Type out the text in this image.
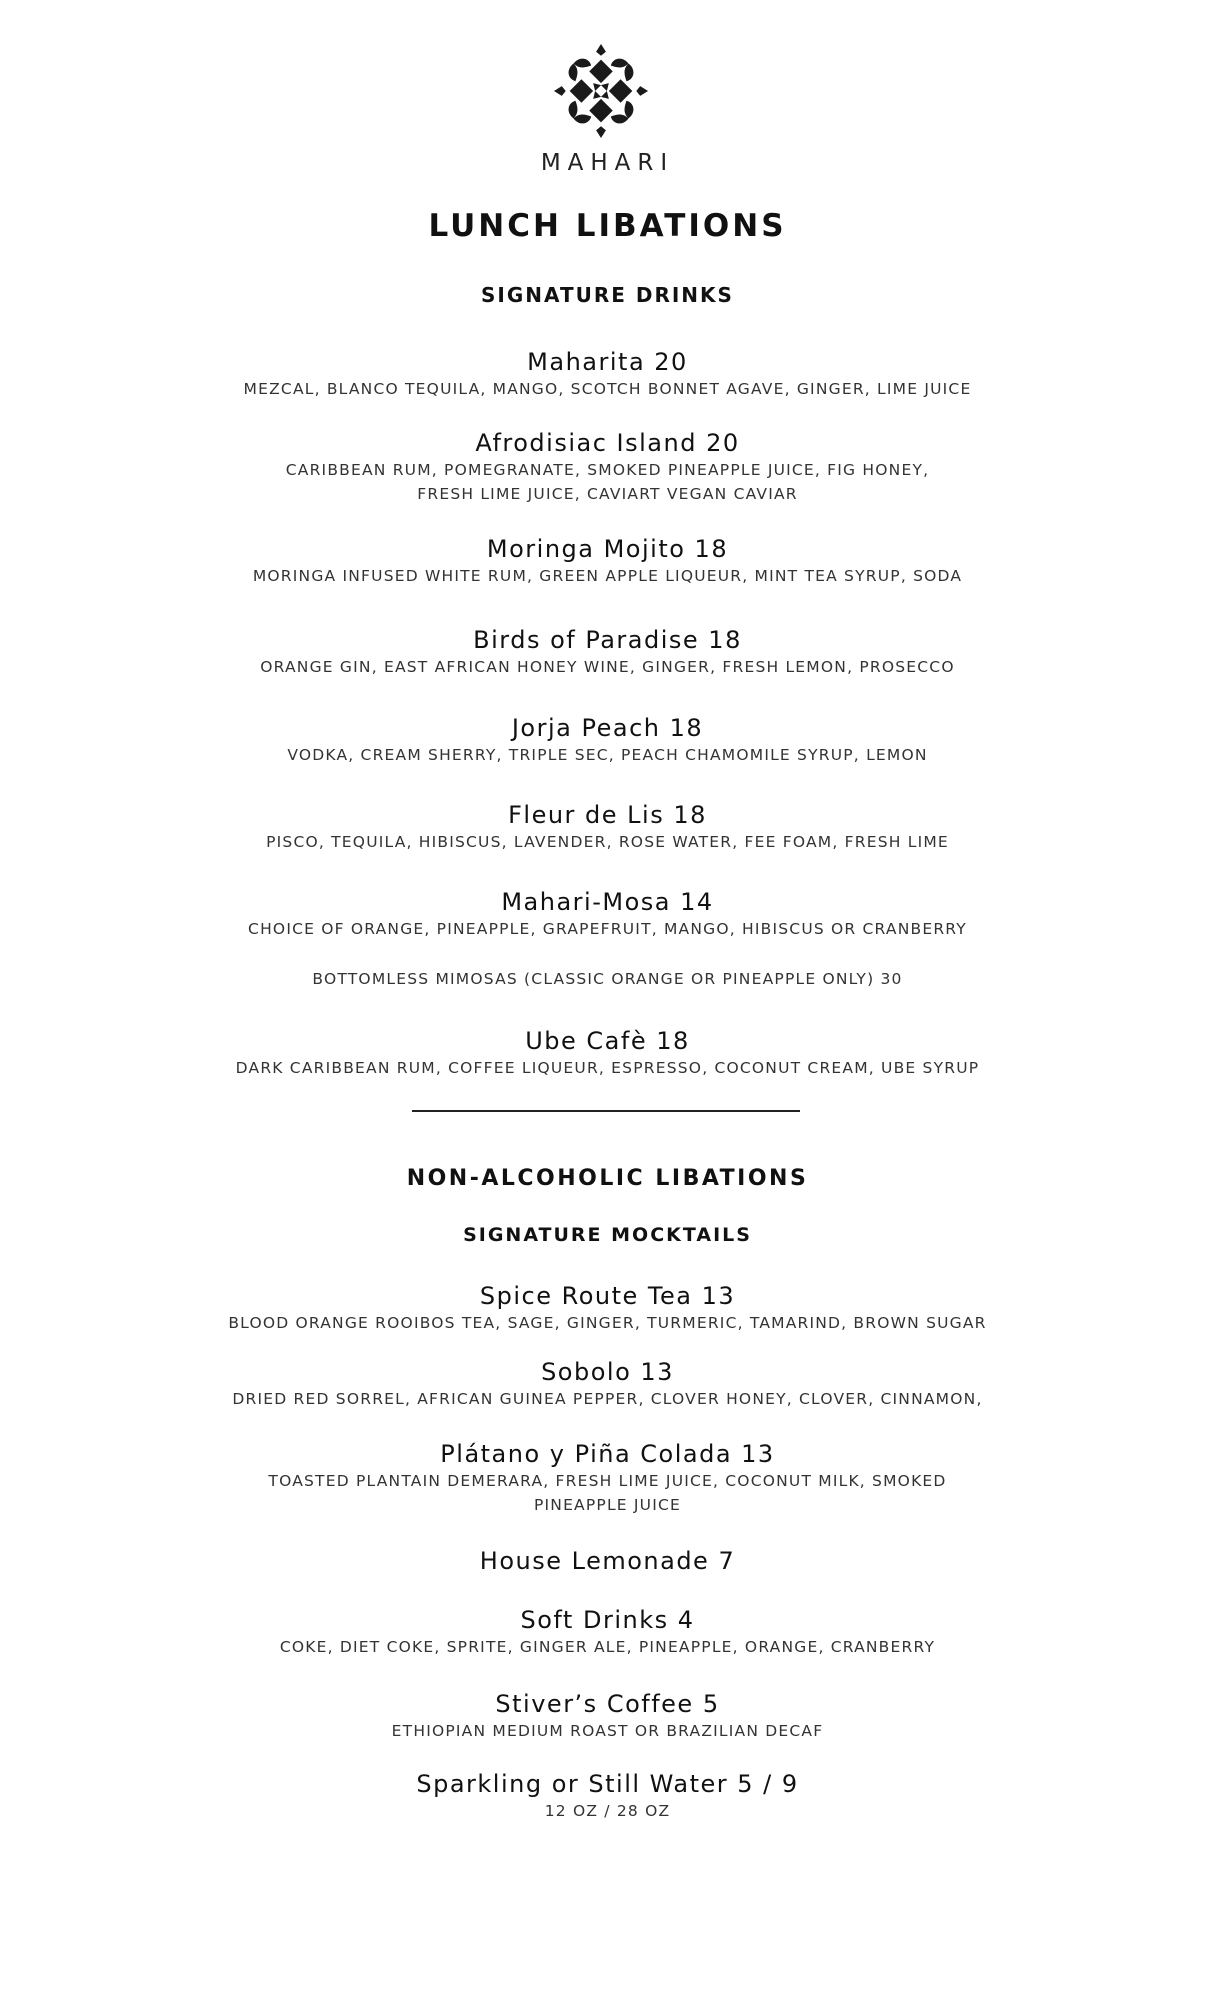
MAHARI
LUNCH LIBATIONS
SIGNATURE DRINKS
Maharita 20
MEZCAL, BLANCO TEQUILA, MANGO, SCOTCH BONNET AGAVE, GINGER, LIME JUICE
Afrodisiac Island 20
CARIBBEAN RUM, POMEGRANATE, SMOKED PINEAPPLE JUICE, FIG HONEY,
FRESH LIME JUICE, CAVIART VEGAN CAVIAR
Moringa Mojito 18
MORINGA INFUSED WHITE RUM, GREEN APPLE LIQUEUR, MINT TEA SYRUP, SODA
Birds of Paradise 18
ORANGE GIN, EAST AFRICAN HONEY WINE, GINGER, FRESH LEMON, PROSECCO
Jorja Peach 18
VODKA, CREAM SHERRY, TRIPLE SEC, PEACH CHAMOMILE SYRUP, LEMON
Fleur de Lis 18
PISCO, TEQUILA, HIBISCUS, LAVENDER, ROSE WATER, FEE FOAM, FRESH LIME
Mahari-Mosa 14
CHOICE OF ORANGE, PINEAPPLE, GRAPEFRUIT, MANGO, HIBISCUS OR CRANBERRY
BOTTOMLESS MIMOSAS (CLASSIC ORANGE OR PINEAPPLE ONLY) 30
Ube Cafè 18
DARK CARIBBEAN RUM, COFFEE LIQUEUR, ESPRESSO, COCONUT CREAM, UBE SYRUP
NON-ALCOHOLIC LIBATIONS
SIGNATURE MOCKTAILS
Spice Route Tea 13
BLOOD ORANGE ROOIBOS TEA, SAGE, GINGER, TURMERIC, TAMARIND, BROWN SUGAR
Sobolo 13
DRIED RED SORREL, AFRICAN GUINEA PEPPER, CLOVER HONEY, CLOVER, CINNAMON,
Plátano y Piña Colada 13
TOASTED PLANTAIN DEMERARA, FRESH LIME JUICE, COCONUT MILK, SMOKED
PINEAPPLE JUICE
House Lemonade 7
Soft Drinks 4
COKE, DIET COKE, SPRITE, GINGER ALE, PINEAPPLE, ORANGE, CRANBERRY
Stiver’s Coffee 5
ETHIOPIAN MEDIUM ROAST OR BRAZILIAN DECAF
Sparkling or Still Water 5 / 9
12 OZ / 28 OZ
